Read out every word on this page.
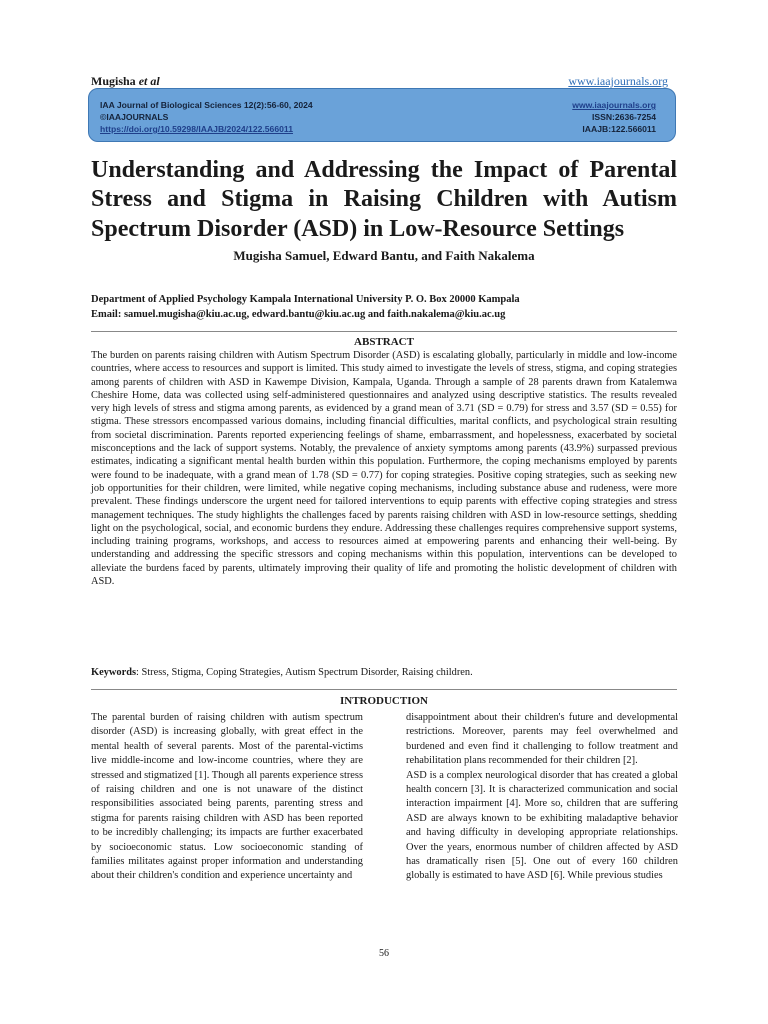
Mugisha et al	www.iaajournals.org
IAA Journal of Biological Sciences 12(2):56-60, 2024
©IAAJOURNALS
https://doi.org/10.59298/IAAJB/2024/122.566011
www.iaajournals.org
ISSN:2636-7254
IAAJB:122.566011
Understanding and Addressing the Impact of Parental Stress and Stigma in Raising Children with Autism Spectrum Disorder (ASD) in Low-Resource Settings
Mugisha Samuel, Edward Bantu, and Faith Nakalema
Department of Applied Psychology Kampala International University P. O. Box 20000 Kampala
Email: samuel.mugisha@kiu.ac.ug, edward.bantu@kiu.ac.ug and faith.nakalema@kiu.ac.ug
ABSTRACT

The burden on parents raising children with Autism Spectrum Disorder (ASD) is escalating globally, particularly in middle and low-income countries, where access to resources and support is limited. This study aimed to investigate the levels of stress, stigma, and coping strategies among parents of children with ASD in Kawempe Division, Kampala, Uganda. Through a sample of 28 parents drawn from Katalemwa Cheshire Home, data was collected using self-administered questionnaires and analyzed using descriptive statistics. The results revealed very high levels of stress and stigma among parents, as evidenced by a grand mean of 3.71 (SD = 0.79) for stress and 3.57 (SD = 0.55) for stigma. These stressors encompassed various domains, including financial difficulties, marital conflicts, and psychological strain resulting from societal discrimination. Parents reported experiencing feelings of shame, embarrassment, and hopelessness, exacerbated by societal misconceptions and the lack of support systems. Notably, the prevalence of anxiety symptoms among parents (43.9%) surpassed previous estimates, indicating a significant mental health burden within this population. Furthermore, the coping mechanisms employed by parents were found to be inadequate, with a grand mean of 1.78 (SD = 0.77) for coping strategies. Positive coping strategies, such as seeking new job opportunities for their children, were limited, while negative coping mechanisms, including substance abuse and rudeness, were more prevalent. These findings underscore the urgent need for tailored interventions to equip parents with effective coping strategies and stress management techniques. The study highlights the challenges faced by parents raising children with ASD in low-resource settings, shedding light on the psychological, social, and economic burdens they endure. Addressing these challenges requires comprehensive support systems, including training programs, workshops, and access to resources aimed at empowering parents and enhancing their well-being. By understanding and addressing the specific stressors and coping mechanisms within this population, interventions can be developed to alleviate the burdens faced by parents, ultimately improving their quality of life and promoting the holistic development of children with ASD.

Keywords: Stress, Stigma, Coping Strategies, Autism Spectrum Disorder, Raising children.
INTRODUCTION

The parental burden of raising children with autism spectrum disorder (ASD) is increasing globally, with great effect in the mental health of several parents. Most of the parental-victims live middle-income and low-income countries, where they are stressed and stigmatized [1]. Though all parents experience stress of raising children and one is not unaware of the distinct responsibilities associated being parents, parenting stress and stigma for parents raising children with ASD has been reported to be incredibly challenging; its impacts are further exacerbated by socioeconomic status. Low socioeconomic standing of families militates against proper information and understanding about their children's condition and experience uncertainty and

disappointment about their children's future and developmental restrictions. Moreover, parents may feel overwhelmed and burdened and even find it challenging to follow treatment and rehabilitation plans recommended for their children [2].

ASD is a complex neurological disorder that has created a global health concern [3]. It is characterized communication and social interaction impairment [4]. More so, children that are suffering ASD are always known to be exhibiting maladaptive behavior and having difficulty in developing appropriate relationships. Over the years, enormous number of children affected by ASD has dramatically risen [5]. One out of every 160 children globally is estimated to have ASD [6]. While previous studies

56
